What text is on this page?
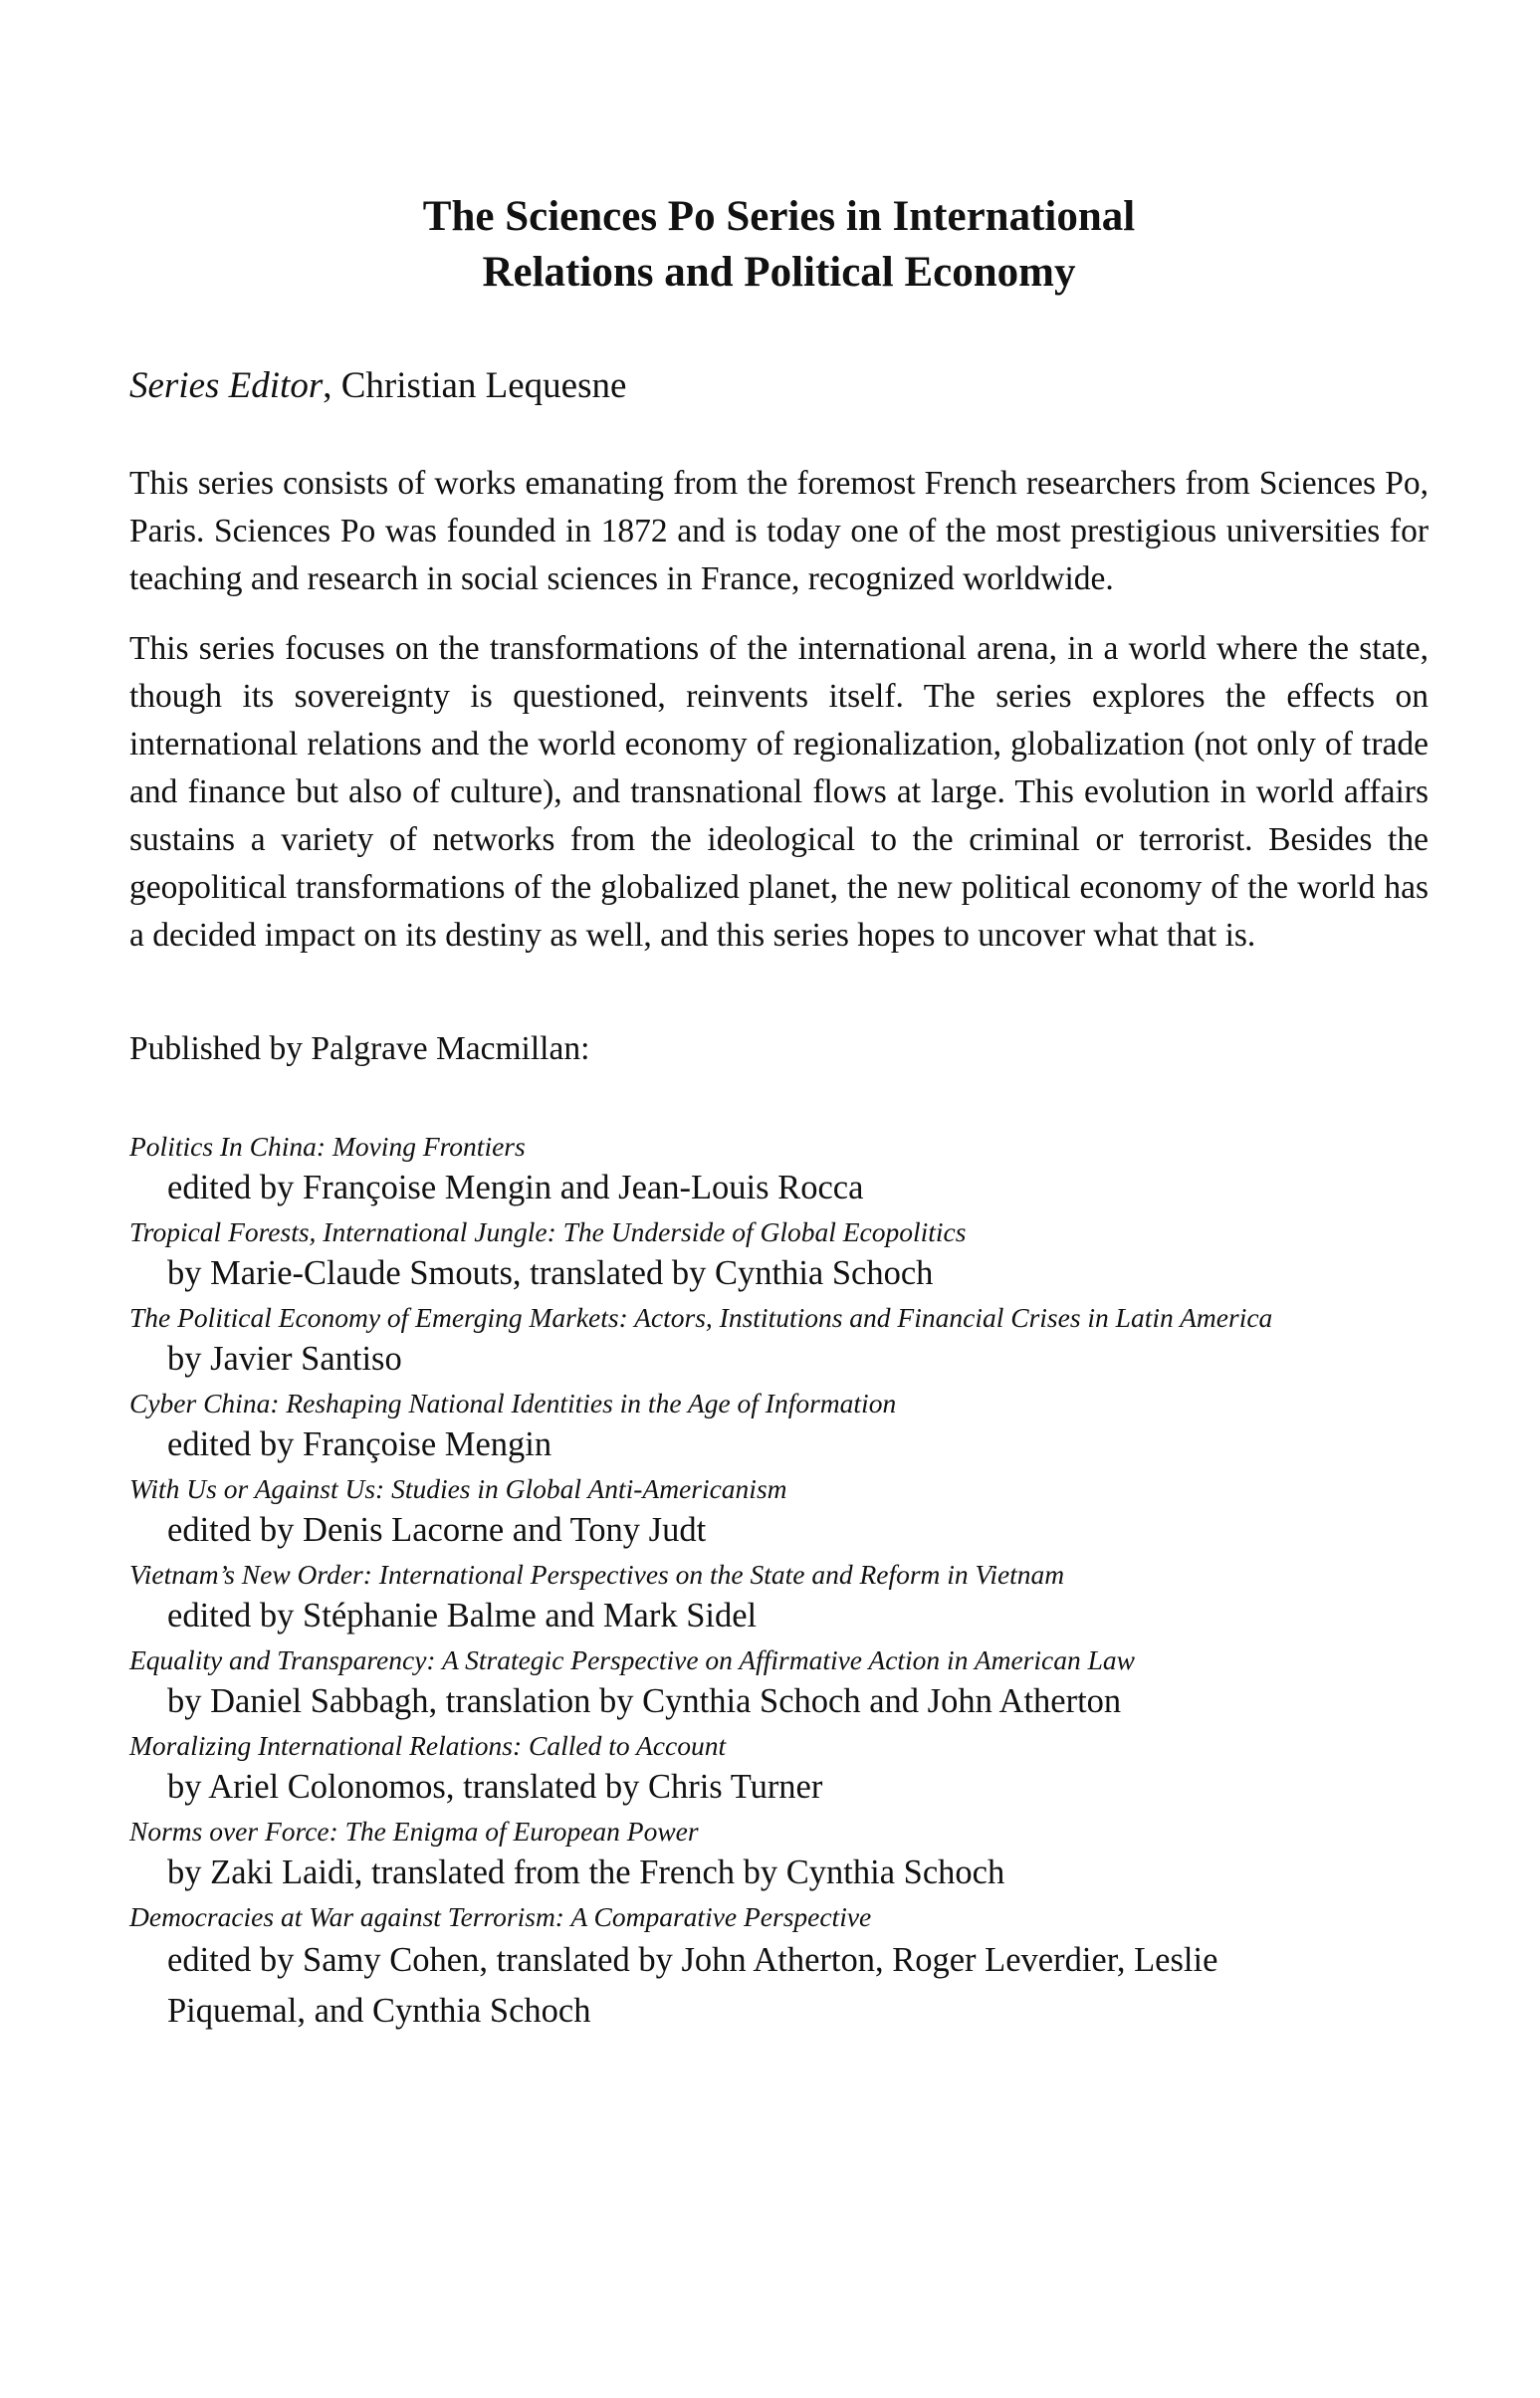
The Sciences Po Series in International
Relations and Political Economy
Series Editor, Christian Lequesne

This series consists of works emanating from the foremost French researchers from Sciences Po, Paris. Sciences Po was founded in 1872 and is today one of the most prestigious universities for teaching and research in social sciences in France, recognized worldwide.

This series focuses on the transformations of the international arena, in a world where the state, though its sovereignty is questioned, reinvents itself. The series explores the effects on international relations and the world economy of regionalization, globalization (not only of trade and finance but also of culture), and transnational flows at large. This evolution in world affairs sustains a variety of networks from the ideological to the criminal or terrorist. Besides the geopolitical transformations of the globalized planet, the new political economy of the world has a decided impact on its destiny as well, and this series hopes to uncover what that is.

Published by Palgrave Macmillan:
Politics In China: Moving Frontiers
edited by Françoise Mengin and Jean-Louis Rocca
Tropical Forests, International Jungle: The Underside of Global Ecopolitics
by Marie-Claude Smouts, translated by Cynthia Schoch
The Political Economy of Emerging Markets: Actors, Institutions and Financial Crises in Latin America
by Javier Santiso
Cyber China: Reshaping National Identities in the Age of Information
edited by Françoise Mengin
With Us or Against Us: Studies in Global Anti-Americanism
edited by Denis Lacorne and Tony Judt
Vietnam’s New Order: International Perspectives on the State and Reform in Vietnam
edited by Stéphanie Balme and Mark Sidel
Equality and Transparency: A Strategic Perspective on Affirmative Action in American Law
by Daniel Sabbagh, translation by Cynthia Schoch and John Atherton
Moralizing International Relations: Called to Account
by Ariel Colonomos, translated by Chris Turner
Norms over Force: The Enigma of European Power
by Zaki Laidi, translated from the French by Cynthia Schoch
Democracies at War against Terrorism: A Comparative Perspective
edited by Samy Cohen, translated by John Atherton, Roger Leverdier, Leslie Piquemal, and Cynthia Schoch
